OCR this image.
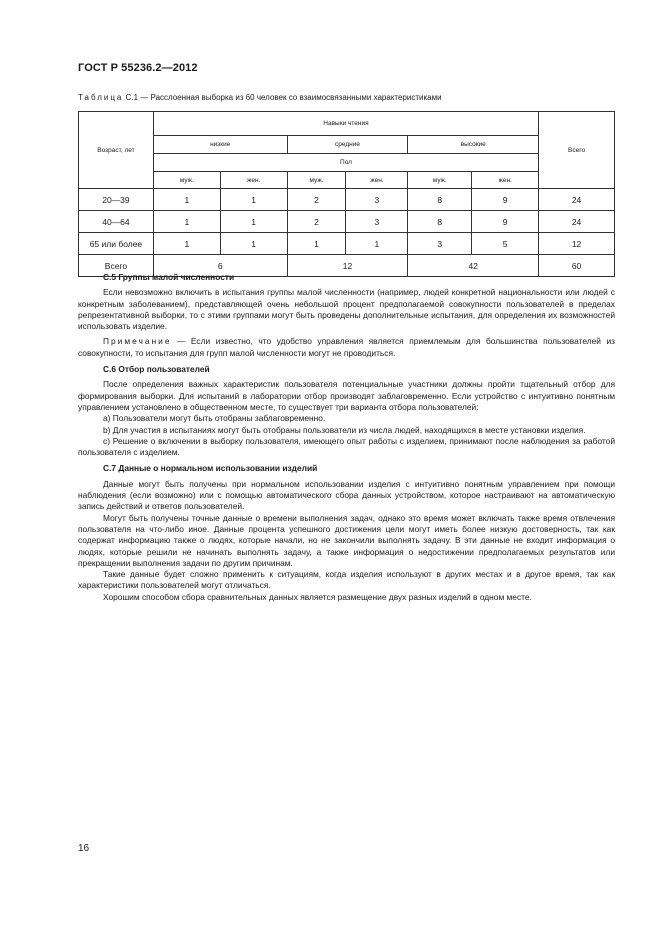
ГОСТ Р 55236.2—2012
Таблица С.1 — Расслоенная выборка из 60 человек со взаимосвязанными характеристиками
Возраст, лет	Навыки чтения						Всего
	низкие		средние		высокие		
	Пол						
	муж.	жен.	муж.	жен.	муж.	жен.	
20—39	1	1	2	3	8	9	24
40—64	1	1	2	3	8	9	24
65 или более	1	1	1	1	3	5	12
Всего	6		12		42		60
С.5 Группы малой численности

Если невозможно включить в испытания группы малой численности (например, людей конкретной национальности или людей с конкретным заболеванием), представляющей очень небольшой процент предполагаемой совокупности пользователей в пределах репрезентативной выборки, то с этими группами могут быть проведены дополнительные испытания, для определения их возможностей использовать изделие.

Примечание — Если известно, что удобство управления является приемлемым для большинства пользователей из совокупности, то испытания для групп малой численности могут не проводиться.

С.6 Отбор пользователей

После определения важных характеристик пользователя потенциальные участники должны пройти тщательный отбор для формирования выборки. Для испытаний в лаборатории отбор производят заблаговременно. Если устройство с интуитивно понятным управлением установлено в общественном месте, то существует три варианта отбора пользователей:

a) Пользователи могут быть отобраны заблаговременно.

b) Для участия в испытаниях могут быть отобраны пользователи из числа людей, находящихся в месте установки изделия.

c) Решение о включении в выборку пользователя, имеющего опыт работы с изделием, принимают после наблюдения за работой пользователя с изделием.

С.7 Данные о нормальном использовании изделий

Данные могут быть получены при нормальном использовании изделия с интуитивно понятным управлением при помощи наблюдения (если возможно) или с помощью автоматического сбора данных устройством, которое настраивают на автоматическую запись действий и ответов пользователей.

Могут быть получены точные данные о времени выполнения задач, однако это время может включать также время отвлечения пользователя на что-либо иное. Данные процента успешного достижения цели могут иметь более низкую достоверность, так как содержат информацию также о людях, которые начали, но не закончили выполнять задачу. В эти данные не входит информация о людях, которые решили не начинать выполнять задачу, а также информация о недостижении предполагаемых результатов или прекращении выполнения задачи по другим причинам.

Такие данные будет сложно применить к ситуациям, когда изделия используют в других местах и в другое время, так как характеристики пользователей могут отличаться.

Хорошим способом сбора сравнительных данных является размещение двух разных изделий в одном месте.

16
